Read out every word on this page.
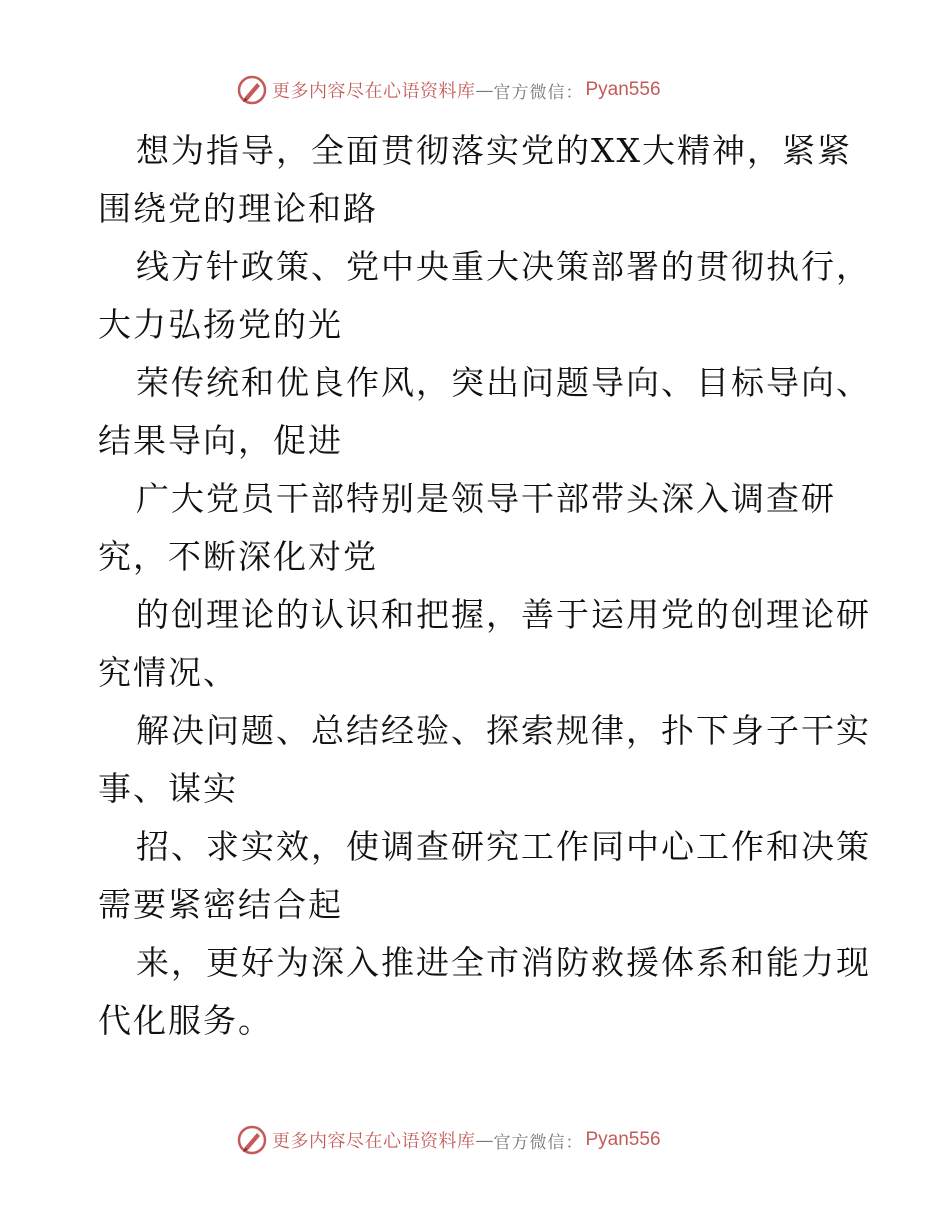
更多内容尽在心语资料库 — 官方微信： Pyan556
想为指导，全面贯彻落实党的XX大精神，紧紧
围绕党的理论和路
线方针政策、党中央重大决策部署的贯彻执行，
大力弘扬党的光
荣传统和优良作风，突出问题导向、目标导向、
结果导向，促进
广大党员干部特别是领导干部带头深入调查研
究，不断深化对党
的创理论的认识和把握，善于运用党的创理论研
究情况、
解决问题、总结经验、探索规律，扑下身子干实
事、谋实
招、求实效，使调查研究工作同中心工作和决策
需要紧密结合起
来，更好为深入推进全市消防救援体系和能力现
代化服务。
更多内容尽在心语资料库 — 官方微信： Pyan556
